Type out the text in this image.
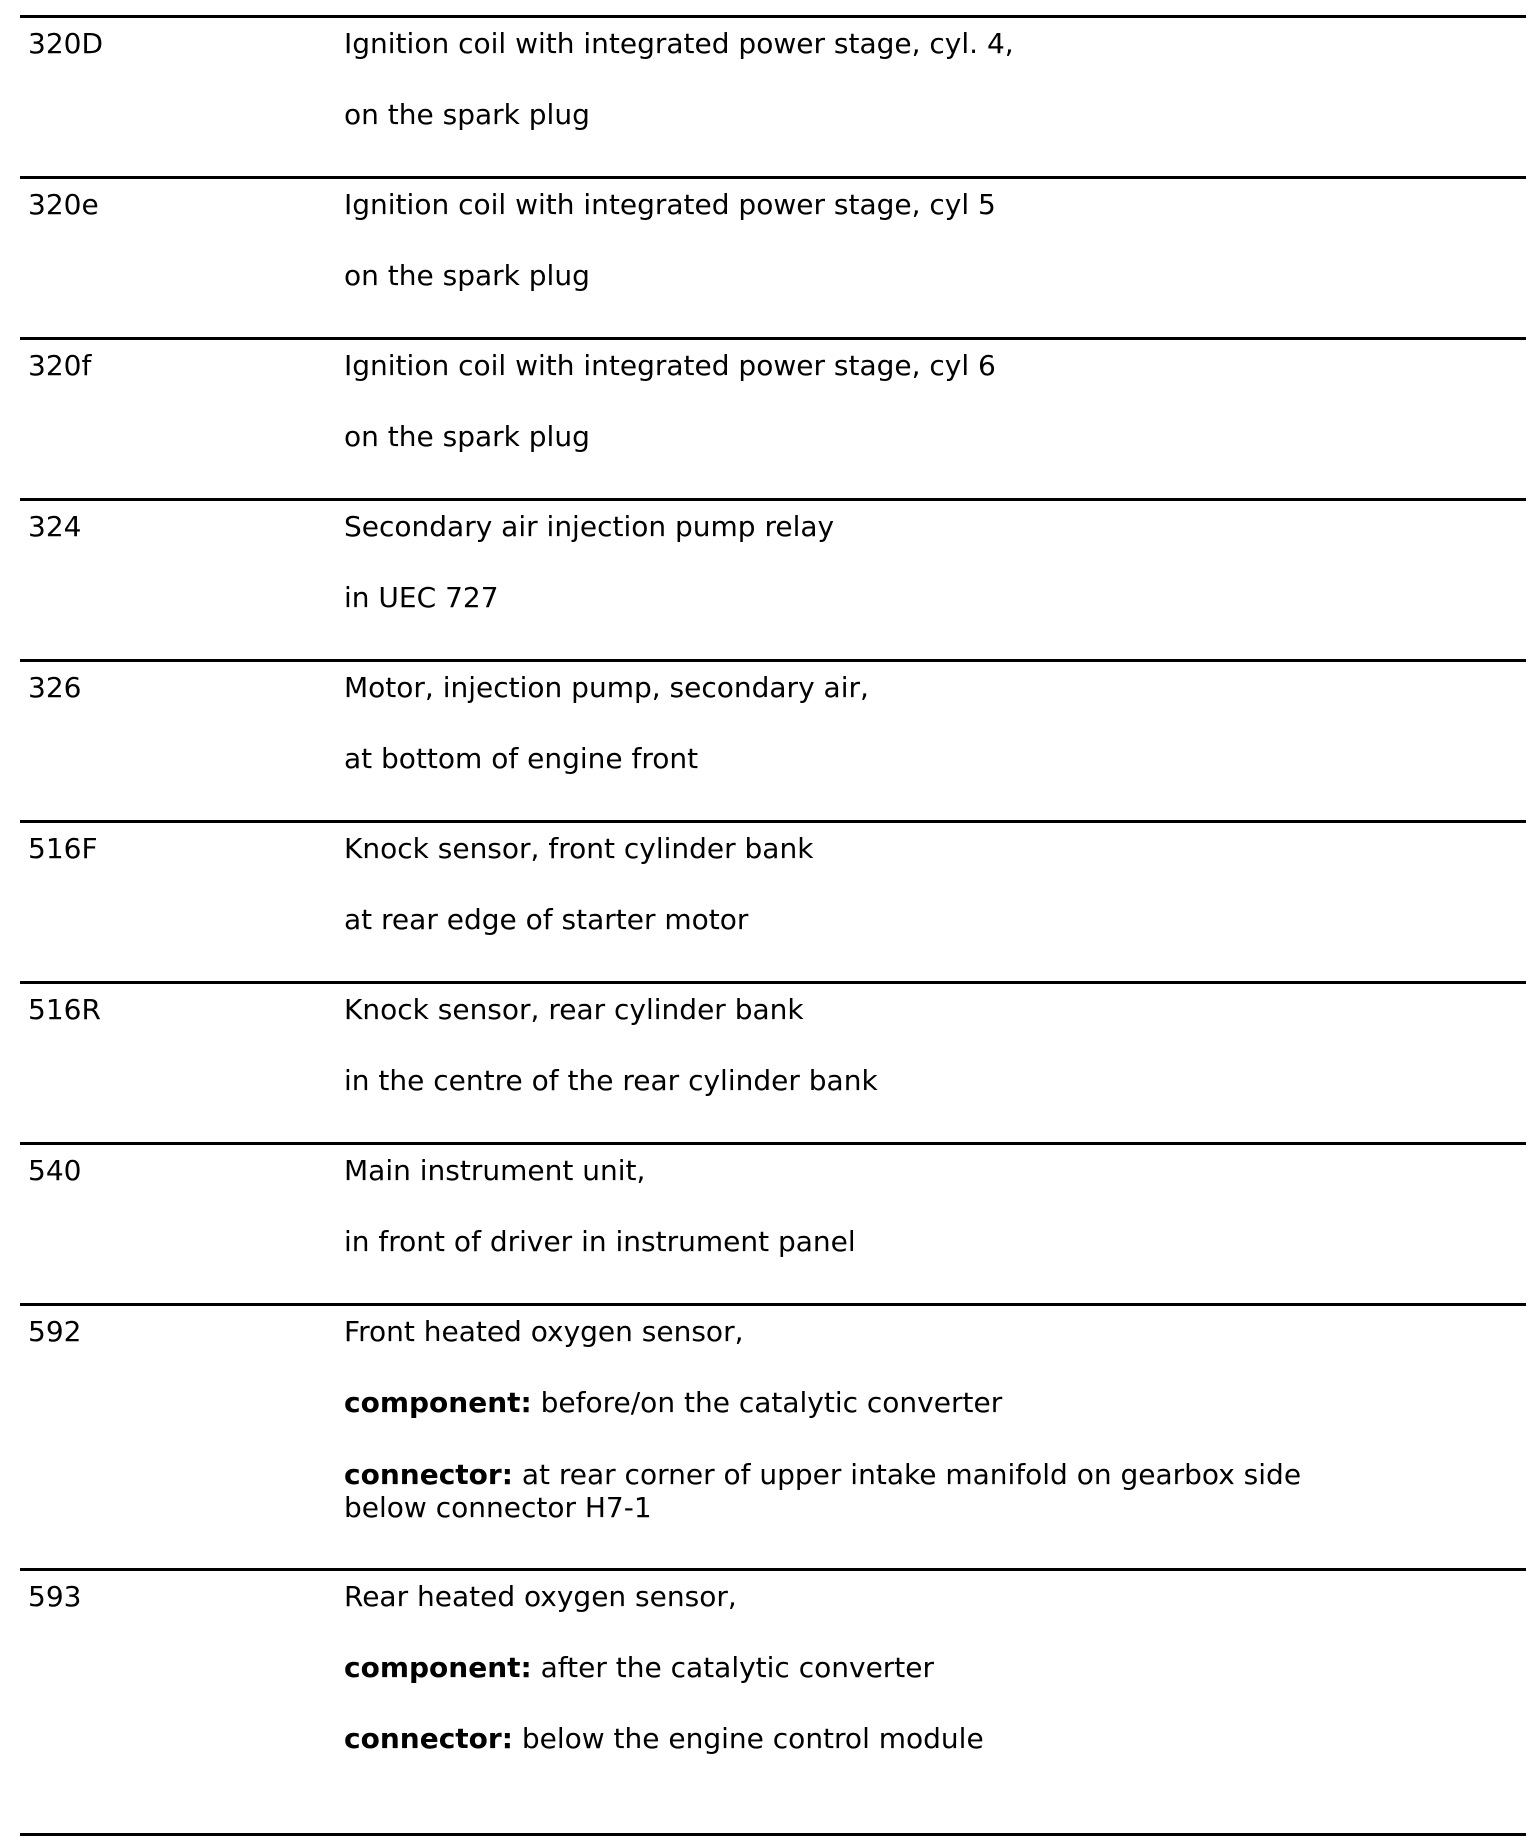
320D	Ignition coil with integrated power stage, cyl. 4,
on the spark plug
320e	Ignition coil with integrated power stage, cyl 5
on the spark plug
320f	Ignition coil with integrated power stage, cyl 6
on the spark plug
324	Secondary air injection pump relay
in UEC 727
326	Motor, injection pump, secondary air,
at bottom of engine front
516F	Knock sensor, front cylinder bank
at rear edge of starter motor
516R	Knock sensor, rear cylinder bank
in the centre of the rear cylinder bank
540	Main instrument unit,
in front of driver in instrument panel
592	Front heated oxygen sensor,
component: before/on the catalytic converter
connector: at rear corner of upper intake manifold on gearbox side below connector H7-1
593	Rear heated oxygen sensor,
component: after the catalytic converter
connector: below the engine control module
